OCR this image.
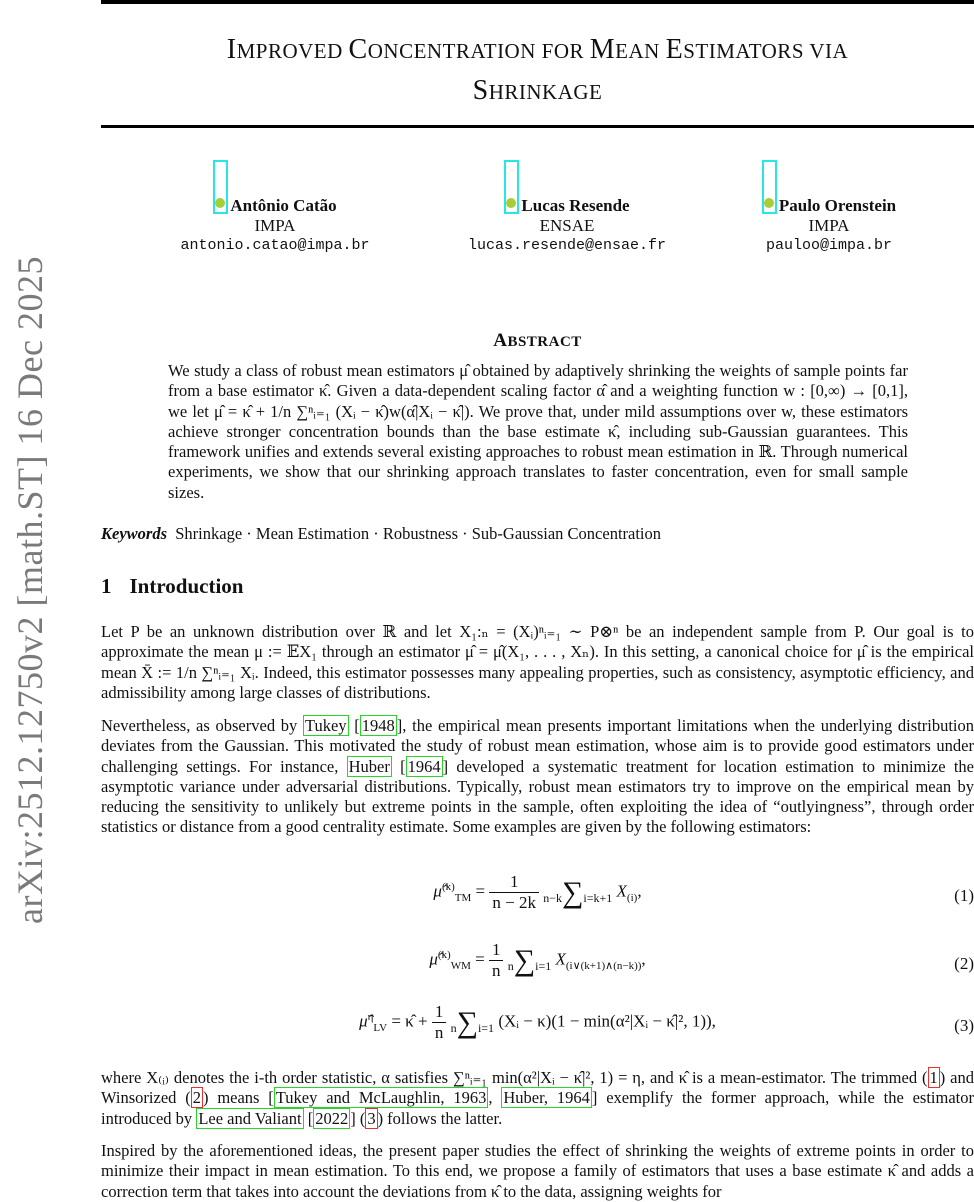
arXiv:2512.12750v2 [math.ST] 16 Dec 2025
IMPROVED CONCENTRATION FOR MEAN ESTIMATORS VIA
SHRINKAGE
Antônio Catão
IMPA
antonio.catao@impa.br
Lucas Resende
ENSAE
lucas.resende@ensae.fr
Paulo Orenstein
IMPA
pauloo@impa.br
ABSTRACT
We study a class of robust mean estimators μ̂ obtained by adaptively shrinking the weights of sample points far from a base estimator κ̂. Given a data-dependent scaling factor α̂ and a weighting function w : [0,∞) → [0,1], we let μ̂ = κ̂ + 1/n ∑ⁿᵢ₌₁ (Xᵢ − κ̂)w(α̂|Xᵢ − κ̂|). We prove that, under mild assumptions over w, these estimators achieve stronger concentration bounds than the base estimate κ̂, including sub-Gaussian guarantees. This framework unifies and extends several existing approaches to robust mean estimation in ℝ. Through numerical experiments, we show that our shrinking approach translates to faster concentration, even for small sample sizes.
Keywords Shrinkage · Mean Estimation · Robustness · Sub-Gaussian Concentration
1 Introduction
Let P be an unknown distribution over ℝ and let X₁:ₙ = (Xᵢ)ⁿᵢ₌₁ ∼ P⊗ⁿ be an independent sample from P. Our goal is to approximate the mean μ := 𝔼X₁ through an estimator μ̂ = μ̂(X₁, . . . , Xₙ). In this setting, a canonical choice for μ̂ is the empirical mean X̄ := 1/n ∑ⁿᵢ₌₁ Xᵢ. Indeed, this estimator possesses many appealing properties, such as consistency, asymptotic efficiency, and admissibility among large classes of distributions.
Nevertheless, as observed by Tukey [ 1948 ], the empirical mean presents important limitations when the underlying distribution deviates from the Gaussian. This motivated the study of robust mean estimation, whose aim is to provide good estimators under challenging settings. For instance, Huber [ 1964 ] developed a systematic treatment for location estimation to minimize the asymptotic variance under adversarial distributions. Typically, robust mean estimators try to improve on the empirical mean by reducing the sensitivity to unlikely but extreme points in the sample, often exploiting the idea of “outlyingness”, through order statistics or distance from a good centrality estimate. Some examples are given by the following estimators:
μ̂$^{(k)}_{TM}$ = $\frac{1}{n - 2k} n-k\sum i=k+1$ $X_{(i)}$,	(1)
μ̂$^{(k)}_{WM}$ = $\frac{1}{n} n\sum i=1$ $X_{(i\vee(k+1)\wedge(n-k))}$,	(2)
μ̂$^\eta_{LV}$ = κ̂ + $\frac{1}{n} n\sum i=1$ (Xᵢ − κ)(1 − min(α²|Xᵢ − κ̂|², 1)),	(3)
where X₍ᵢ₎ denotes the i-th order statistic, α satisfies ∑ⁿᵢ₌₁ min(α²|Xᵢ − κ̂|², 1) = η, and κ̂ is a mean-estimator. The trimmed ( 1 ) and Winsorized ( 2 ) means [ Tukey and McLaughlin, 1963 , Huber, 1964 ] exemplify the former approach, while the estimator introduced by Lee and Valiant [ 2022 ] ( 3 ) follows the latter.
Inspired by the aforementioned ideas, the present paper studies the effect of shrinking the weights of extreme points in order to minimize their impact in mean estimation. To this end, we propose a family of estimators that uses a base estimate κ̂ and adds a correction term that takes into account the deviations from κ̂ to the data, assigning weights for
